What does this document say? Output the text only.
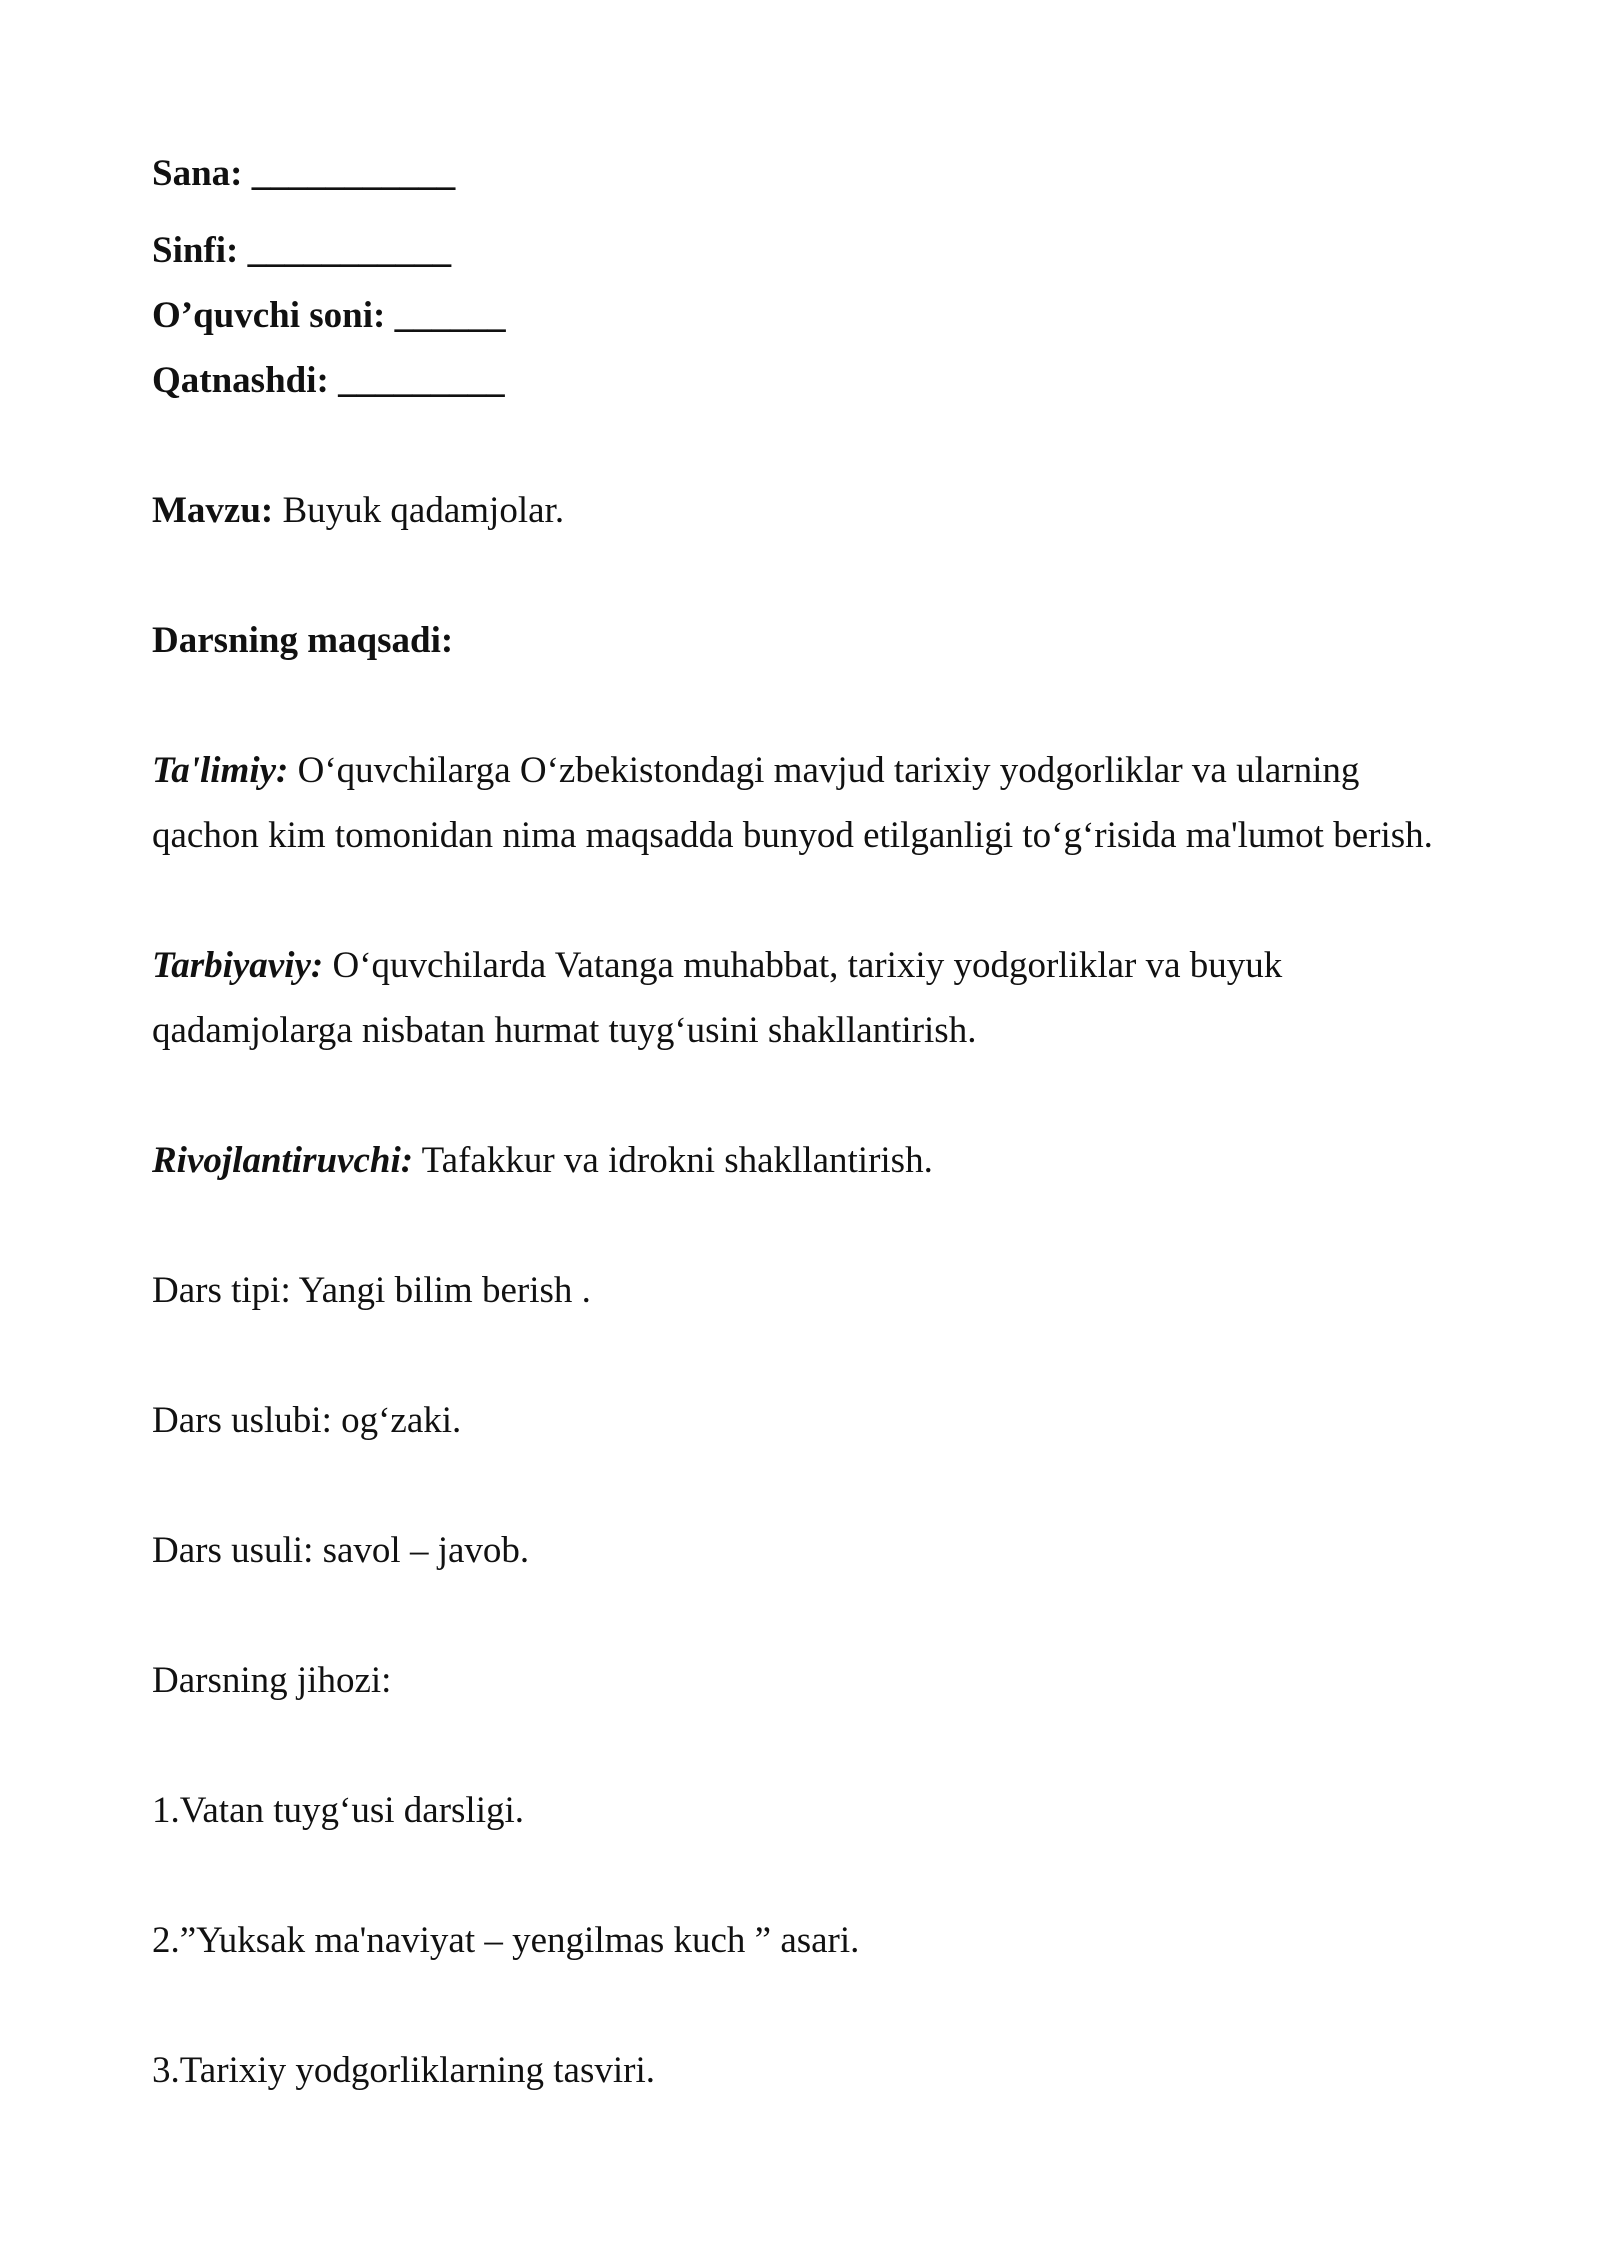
Sana: ___________
Sinfi: ___________
O’quvchi soni: ______
Qatnashdi: _________
Mavzu: Buyuk qadamjolar.
Darsning maqsadi:
Ta'limiy: O‘quvchilarga O‘zbekistondagi mavjud tarixiy yodgorliklar va ularning
qachon kim tomonidan nima maqsadda bunyod etilganligi to‘g‘risida ma'lumot berish.
Tarbiyaviy: O‘quvchilarda Vatanga muhabbat, tarixiy yodgorliklar va buyuk
qadamjolarga nisbatan hurmat tuyg‘usini shakllantirish.
Rivojlantiruvchi: Tafakkur va idrokni shakllantirish.
Dars tipi: Yangi bilim berish .
Dars uslubi: og‘zaki.
Dars usuli: savol – javob.
Darsning jihozi:
1.Vatan tuyg‘usi darsligi.
2.”Yuksak ma'naviyat – yengilmas kuch ” asari.
3.Tarixiy yodgorliklarning tasviri.
